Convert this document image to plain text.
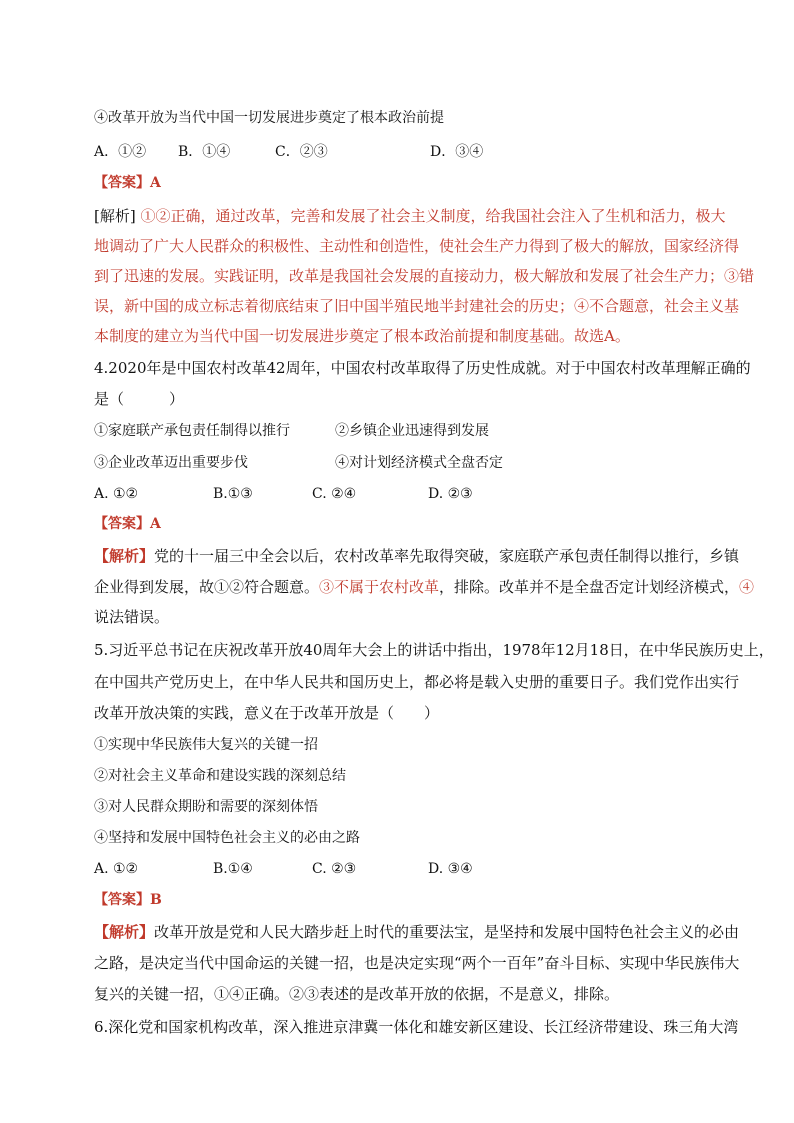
④改革开放为当代中国一切发展进步奠定了根本政治前提
A．①② B．①④	C．②③	D．③④
【答案】A
[解析] ①②正确，通过改革，完善和发展了社会主义制度，给我国社会注入了生机和活力，极大
地调动了广大人民群众的积极性、主动性和创造性，使社会生产力得到了极大的解放，国家经济得
到了迅速的发展。实践证明，改革是我国社会发展的直接动力，极大解放和发展了社会生产力；③错
误，新中国的成立标志着彻底结束了旧中国半殖民地半封建社会的历史；④不合题意，社会主义基
本制度的建立为当代中国一切发展进步奠定了根本政治前提和制度基础。故选A。
4.2020年是中国农村改革42周年，中国农村改革取得了历史性成就。对于中国农村改革理解正确的
是（　　　）
①家庭联产承包责任制得以推行	②乡镇企业迅速得到发展
③企业改革迈出重要步伐	④对计划经济模式全盘否定
A. ①②	B.①③	C. ②④	D. ②③
【答案】A
【解析】党的十一届三中全会以后，农村改革率先取得突破，家庭联产承包责任制得以推行，乡镇
企业得到发展，故①②符合题意。③不属于农村改革，排除。改革并不是全盘否定计划经济模式，④
说法错误。
5.习近平总书记在庆祝改革开放40周年大会上的讲话中指出，1978年12月18日，在中华民族历史上，
在中国共产党历史上，在中华人民共和国历史上，都必将是载入史册的重要日子。我们党作出实行
改革开放决策的实践，意义在于改革开放是（　　）
①实现中华民族伟大复兴的关键一招
②对社会主义革命和建设实践的深刻总结
③对人民群众期盼和需要的深刻体悟
④坚持和发展中国特色社会主义的必由之路
A. ①②	B.①④	C. ②③	D. ③④
【答案】B
【解析】改革开放是党和人民大踏步赶上时代的重要法宝，是坚持和发展中国特色社会主义的必由
之路，是决定当代中国命运的关键一招，也是决定实现“两个一百年”奋斗目标、实现中华民族伟大
复兴的关键一招，①④正确。②③表述的是改革开放的依据，不是意义，排除。
6.深化党和国家机构改革，深入推进京津冀一体化和雄安新区建设、长江经济带建设、珠三角大湾
